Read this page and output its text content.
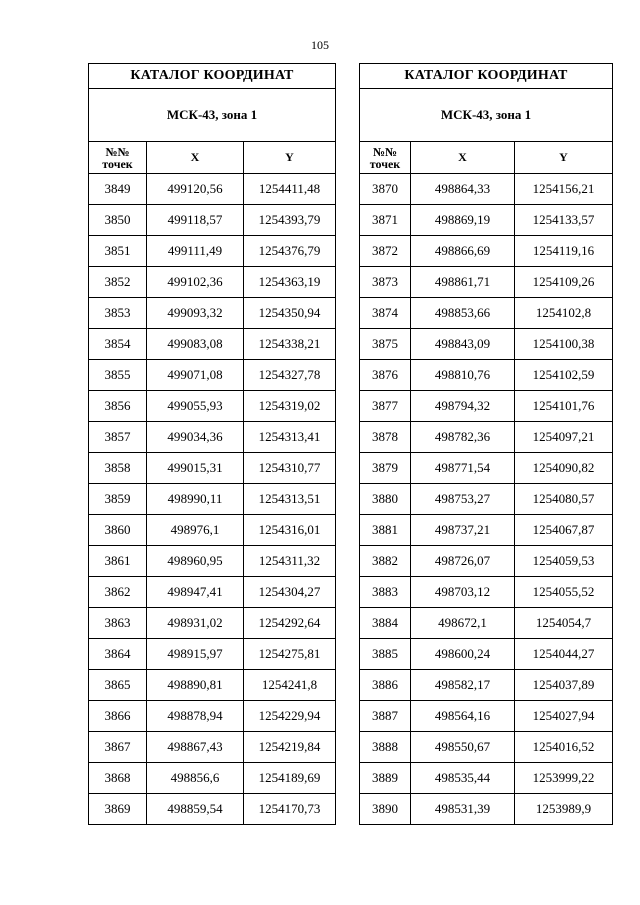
105
КАТАЛОГ КООРДИНАТ		
МСК-43, зона 1		
№№
точек	X	Y
3849	499120,56	1254411,48
3850	499118,57	1254393,79
3851	499111,49	1254376,79
3852	499102,36	1254363,19
3853	499093,32	1254350,94
3854	499083,08	1254338,21
3855	499071,08	1254327,78
3856	499055,93	1254319,02
3857	499034,36	1254313,41
3858	499015,31	1254310,77
3859	498990,11	1254313,51
3860	498976,1	1254316,01
3861	498960,95	1254311,32
3862	498947,41	1254304,27
3863	498931,02	1254292,64
3864	498915,97	1254275,81
3865	498890,81	1254241,8
3866	498878,94	1254229,94
3867	498867,43	1254219,84
3868	498856,6	1254189,69
3869	498859,54	1254170,73
КАТАЛОГ КООРДИНАТ		
МСК-43, зона 1		
№№
точек	X	Y
3870	498864,33	1254156,21
3871	498869,19	1254133,57
3872	498866,69	1254119,16
3873	498861,71	1254109,26
3874	498853,66	1254102,8
3875	498843,09	1254100,38
3876	498810,76	1254102,59
3877	498794,32	1254101,76
3878	498782,36	1254097,21
3879	498771,54	1254090,82
3880	498753,27	1254080,57
3881	498737,21	1254067,87
3882	498726,07	1254059,53
3883	498703,12	1254055,52
3884	498672,1	1254054,7
3885	498600,24	1254044,27
3886	498582,17	1254037,89
3887	498564,16	1254027,94
3888	498550,67	1254016,52
3889	498535,44	1253999,22
3890	498531,39	1253989,9
